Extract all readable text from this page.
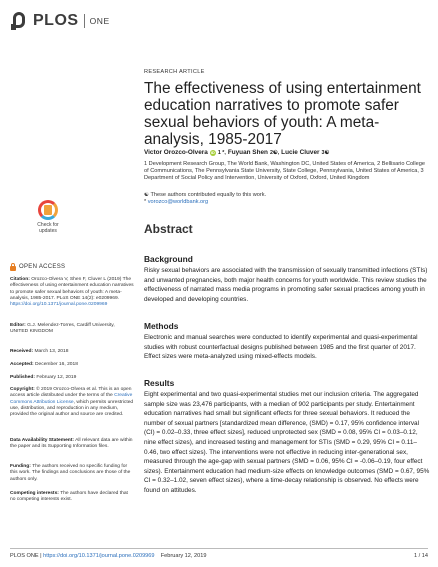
PLOS ONE
RESEARCH ARTICLE
The effectiveness of using entertainment education narratives to promote safer sexual behaviors of youth: A meta-analysis, 1985-2017
Victor Orozco-Olvera iD 1 *, Fuyuan Shen 2☯, Lucie Cluver 3☯
1 Development Research Group, The World Bank, Washington DC, United States of America, 2 Bellisario College of Communications, The Pennsylvania State University, State College, Pennsylvania, United States of America, 3 Department of Social Policy and Intervention, University of Oxford, Oxford, United Kingdom
☯ These authors contributed equally to this work.
* vorozco@worldbank.org
Check for
updates	Abstract
Background

Risky sexual behaviors are associated with the transmission of sexually transmitted infections (STIs) and unwanted pregnancies, both major health concerns for youth worldwide. This review studies the effectiveness of narrated mass media programs in promoting safer sexual practices among youth in developed and developing countries.

Methods

Electronic and manual searches were conducted to identify experimental and quasi-experimental studies with robust counterfactual designs published between 1985 and the first quarter of 2017. Effect sizes were meta-analyzed using mixed-effects models.

Results

Eight experimental and two quasi-experimental studies met our inclusion criteria. The aggregated sample size was 23,476 participants, with a median of 902 participants per study. Entertainment education narratives had small but significant effects for three sexual behaviors. It reduced the number of sexual partners [standardized mean difference, (SMD) = 0.17, 95% confidence interval (CI) = 0.02–0.33, three effect sizes], reduced unprotected sex (SMD = 0.08, 95% CI = 0.03–0.12, nine effect sizes), and increased testing and management for STIs (SMD = 0.29, 95% CI = 0.11–0.46, two effect sizes). The interventions were not effective in reducing inter-generational sex, measured through the age-gap with sexual partners (SMD = 0.06, 95% CI = -0.06–0.19, four effect sizes). Entertainment education had medium-size effects on knowledge outcomes (SMD = 0.67, 95% CI = 0.32–1.02, seven effect sizes), where a time-decay relationship is observed. No effects were found on attitudes.

OPEN ACCESS
Citation: Orozco-Olvera V, Shen F, Cluver L (2019) The effectiveness of using entertainment education narratives to promote safer sexual behaviors of youth: A meta-analysis, 1985-2017. PLoS ONE 14(2): e0209969. https://doi.org/10.1371/journal.pone.0209969
Editor: G.J. Melendez-Torres, Cardiff University, UNITED KINGDOM
Received: March 13, 2018
Accepted: December 16, 2018
Published: February 12, 2019
Copyright: © 2019 Orozco-Olvera et al. This is an open access article distributed under the terms of the Creative Commons Attribution License, which permits unrestricted use, distribution, and reproduction in any medium, provided the original author and source are credited.
Data Availability Statement: All relevant data are within the paper and its Supporting Information files.
Funding: The authors received no specific funding for this work. The findings and conclusions are those of the authors only.
Competing interests: The authors have declared that no competing interests exist.
PLOS ONE | https://doi.org/10.1371/journal.pone.0209969 February 12, 2019	1 / 14
